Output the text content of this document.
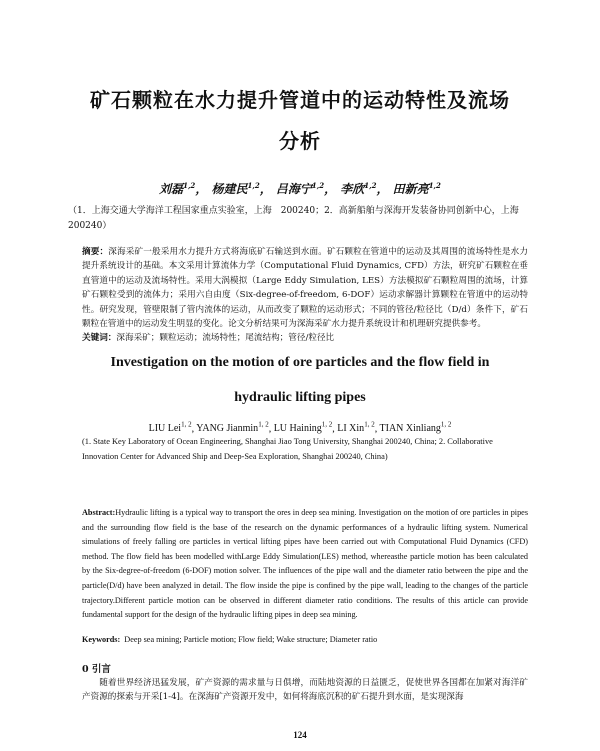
矿石颗粒在水力提升管道中的运动特性及流场
分析
刘磊$^{1,2}$， 杨建民$^{1,2}$， 吕海宁$^{1,2}$， 李欣$^{1,2}$， 田新亮$^{1,2}$
（1．上海交通大学海洋工程国家重点实验室，上海　200240；2．高新船舶与深海开发装备协同创新中心，上海　200240）
摘要：深海采矿一般采用水力提升方式将海底矿石输送到水面。矿石颗粒在管道中的运动及其周围的流场特性是水力提升系统设计的基础。本文采用计算流体力学（Computational Fluid Dynamics, CFD）方法，研究矿石颗粒在垂直管道中的运动及流场特性。采用大涡模拟（Large Eddy Simulation, LES）方法模拟矿石颗粒周围的流场，计算矿石颗粒受到的流体力；采用六自由度（Six-degree-of-freedom, 6-DOF）运动求解器计算颗粒在管道中的运动特性。研究发现，管壁限制了管内流体的运动，从而改变了颗粒的运动形式；不同的管径/粒径比（D/d）条件下，矿石颗粒在管道中的运动发生明显的变化。论文分析结果可为深海采矿水力提升系统设计和机理研究提供参考。
关键词：深海采矿；颗粒运动；流场特性；尾流结构；管径/粒径比
Investigation on the motion of ore particles and the flow field in
hydraulic lifting pipes
LIU Lei$^{1, 2}$, YANG Jianmin$^{1, 2}$, LU Haining$^{1, 2}$, LI Xin$^{1, 2}$, TIAN Xinliang$^{1, 2}$
(1. State Key Laboratory of Ocean Engineering, Shanghai Jiao Tong University, Shanghai 200240, China; 2. Collaborative Innovation Center for Advanced Ship and Deep-Sea Exploration, Shanghai 200240, China)
Abstract:Hydraulic lifting is a typical way to transport the ores in deep sea mining. Investigation on the motion of ore particles in pipes and the surrounding flow field is the base of the research on the dynamic performances of a hydraulic lifting system. Numerical simulations of freely falling ore particles in vertical lifting pipes have been carried out with Computational Fluid Dynamics (CFD) method. The flow field has been modelled withLarge Eddy Simulation(LES) method, whereasthe particle motion has been calculated by the Six-degree-of-freedom (6-DOF) motion solver. The influences of the pipe wall and the diameter ratio between the pipe and the particle(D/d) have been analyzed in detail. The flow inside the pipe is confined by the pipe wall, leading to the changes of the particle trajectory.Different particle motion can be observed in different diameter ratio conditions. The results of this article can provide fundamental support for the design of the hydraulic lifting pipes in deep sea mining.
Keywords: Deep sea mining; Particle motion; Flow field; Wake structure; Diameter ratio
0 引言
随着世界经济迅猛发展，矿产资源的需求量与日俱增，而陆地资源的日益匮乏，促使世界各国都在加紧对海洋矿产资源的探索与开采[1-4]。在深海矿产资源开发中，如何将海底沉积的矿石提升到水面，是实现深海
124
